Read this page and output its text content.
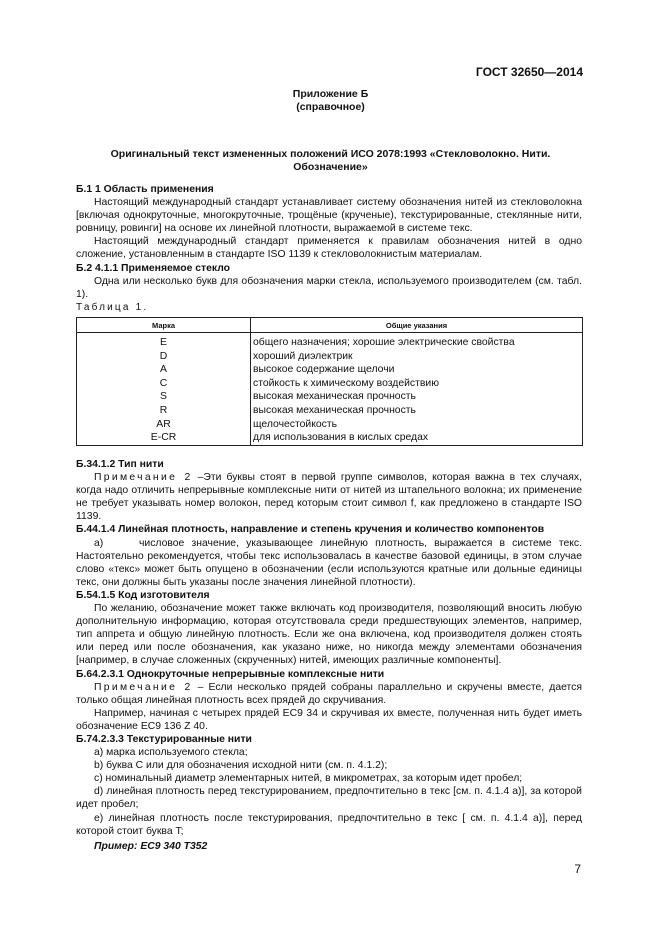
ГОСТ 32650—2014
Приложение Б
(справочное)
Оригинальный текст измененных положений ИСО 2078:1993 «Стекловолокно. Нити.
Обозначение»

Б.1 1 Область применения

Настоящий международный стандарт устанавливает систему обозначения нитей из стекловолокна [включая однокруточные, многокруточные, трощёные (крученые), текстурированные, стеклянные нити, ровницу, ровинги] на основе их линейной плотности, выражаемой в системе текс.

Настоящий международный стандарт применяется к правилам обозначения нитей в одно сложение, установленным в стандарте ISO 1139 к стекловолокнистым материалам.

Б.2 4.1.1 Применяемое стекло

Одна или несколько букв для обозначения марки стекла, используемого производителем (см. табл. 1).

Таблица 1.
Марка	Общие указания
E	общего назначения; хорошие электрические свойства
D	хороший диэлектрик
A	высокое содержание щелочи
C	стойкость к химическому воздействию
S	высокая механическая прочность
R	высокая механическая прочность
AR	щелочестойкость
E-CR	для использования в кислых средах

Б.34.1.2 Тип нити

Примечание 2 –Эти буквы стоят в первой группе символов, которая важна в тех случаях, когда надо отличить непрерывные комплексные нити от нитей из штапельного волокна; их применение не требует указывать номер волокон, перед которым стоит символ f, как предложено в стандарте ISO 1139.

Б.44.1.4 Линейная плотность, направление и степень кручения и количество компонентов

а)	числовое значение, указывающее линейную плотность, выражается в системе текс. Настоятельно рекомендуется, чтобы текс использовалась в качестве базовой единицы, в этом случае слово «текс» может быть опущено в обозначении (если используются кратные или дольные единицы текс, они должны быть указаны после значения линейной плотности).

Б.54.1.5 Код изготовителя

По желанию, обозначение может также включать код производителя, позволяющий вносить любую дополнительную информацию, которая отсутствовала среди предшествующих элементов, например, тип аппрета и общую линейную плотность. Если же она включена, код производителя должен стоять или перед или после обозначения, как указано ниже, но никогда между элементами обозначения [например, в случае сложенных (скрученных) нитей, имеющих различные компоненты].

Б.64.2.3.1 Однокруточные непрерывные комплексные нити

Примечание 2 – Если несколько прядей собраны параллельно и скручены вместе, дается только общая линейная плотность всех прядей до скручивания.

Например, начиная с четырех прядей EC9 34 и скручивая их вместе, полученная нить будет иметь обозначение EC9 136 Z 40.

Б.74.2.3.3 Текстурированные нити

а) марка используемого стекла;

b) буква C или для обозначения исходной нити (см. п. 4.1.2);

c) номинальный диаметр элементарных нитей, в микрометрах, за которым идет пробел;

d) линейная плотность перед текстурированием, предпочтительно в текс [см. п. 4.1.4 а)], за которой идет пробел;

e) линейная плотность после текстурирования, предпочтительно в текс [ см. п. 4.1.4 а)], перед которой стоит буква T;

Пример: EC9 340 T352

7
